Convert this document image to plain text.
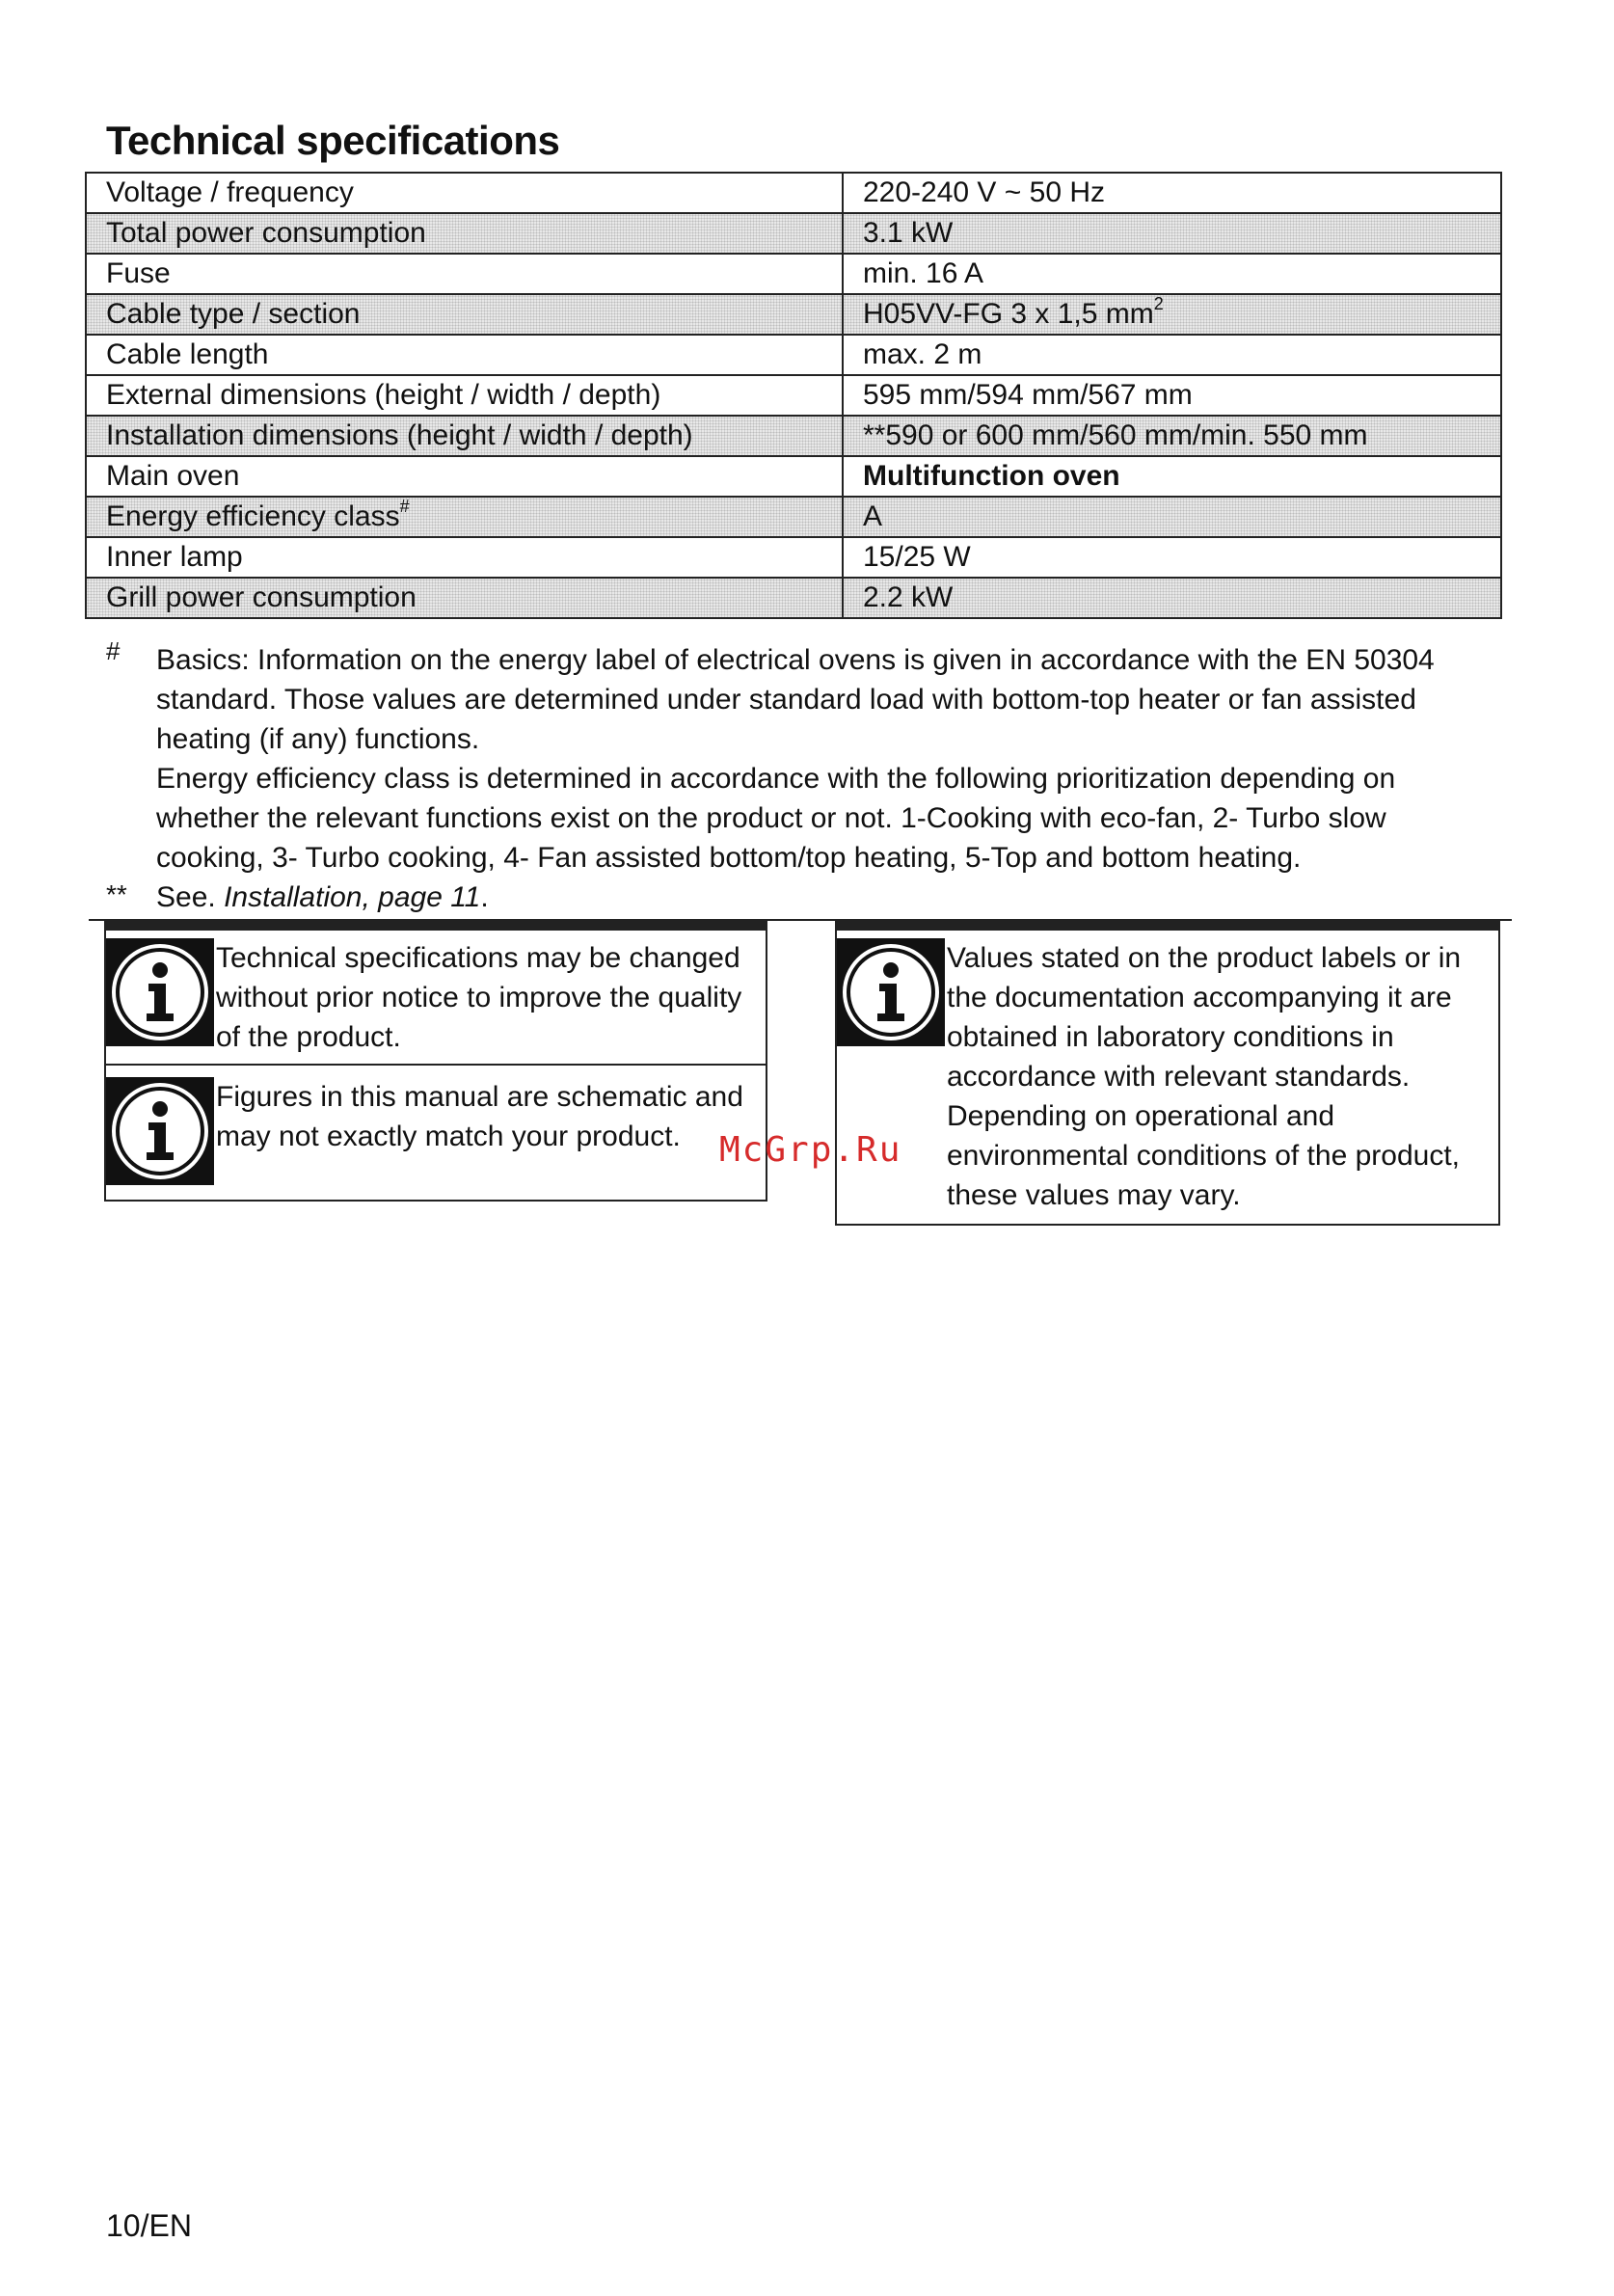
Technical specifications
Voltage / frequency	220-240 V ~ 50 Hz
Total power consumption	3.1 kW
Fuse	min. 16 A
Cable type / section	H05VV-FG 3 x 1,5 $mm^2$
Cable length	max. 2 m
External dimensions (height / width / depth)	595 mm/594 mm/567 mm
Installation dimensions (height / width / depth)	**590 or 600 mm/560 mm/min. 550 mm
Main oven	Multifunction oven
Energy efficiency class#	A
Inner lamp	15/25 W
Grill power consumption	2.2 kW
# Basics: Information on the energy label of electrical ovens is given in accordance with the EN 50304 standard. Those values are determined under standard load with bottom-top heater or fan assisted heating (if any) functions.

Energy efficiency class is determined in accordance with the following prioritization depending on whether the relevant functions exist on the product or not. 1-Cooking with eco-fan, 2- Turbo slow cooking, 3- Turbo cooking, 4- Fan assisted bottom/top heating, 5-Top and bottom heating.

** See. Installation, page 11.

Technical specifications may be changed without prior notice to improve the quality of the product.

Figures in this manual are schematic and may not exactly match your product.

Values stated on the product labels or in the documentation accompanying it are obtained in laboratory conditions in accordance with relevant standards. Depending on operational and environmental conditions of the product, these values may vary.

McGrp.Ru
10/EN
